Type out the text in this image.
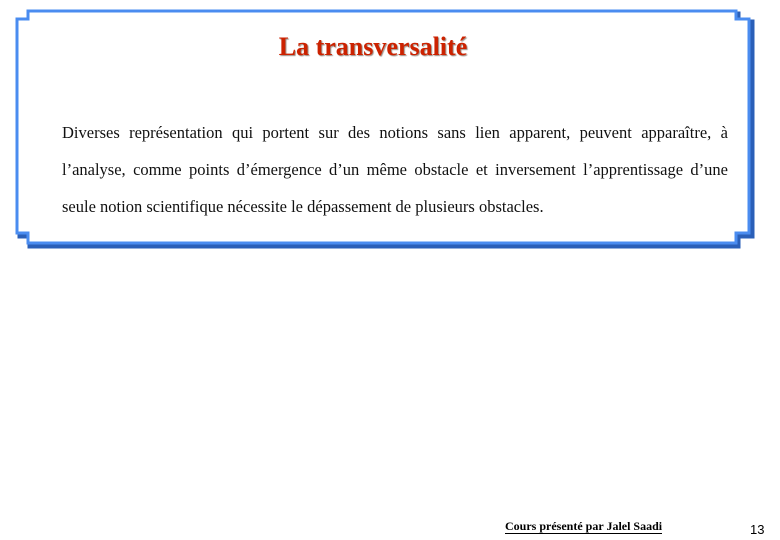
La transversalité
Diverses représentation qui portent sur des notions sans lien apparent, peuvent apparaître, à l’analyse, comme points d’émergence d’un même obstacle et inversement l’apprentissage d’une seule notion scientifique nécessite le dépassement de plusieurs obstacles.
Cours présenté par Jalel Saadi	13
